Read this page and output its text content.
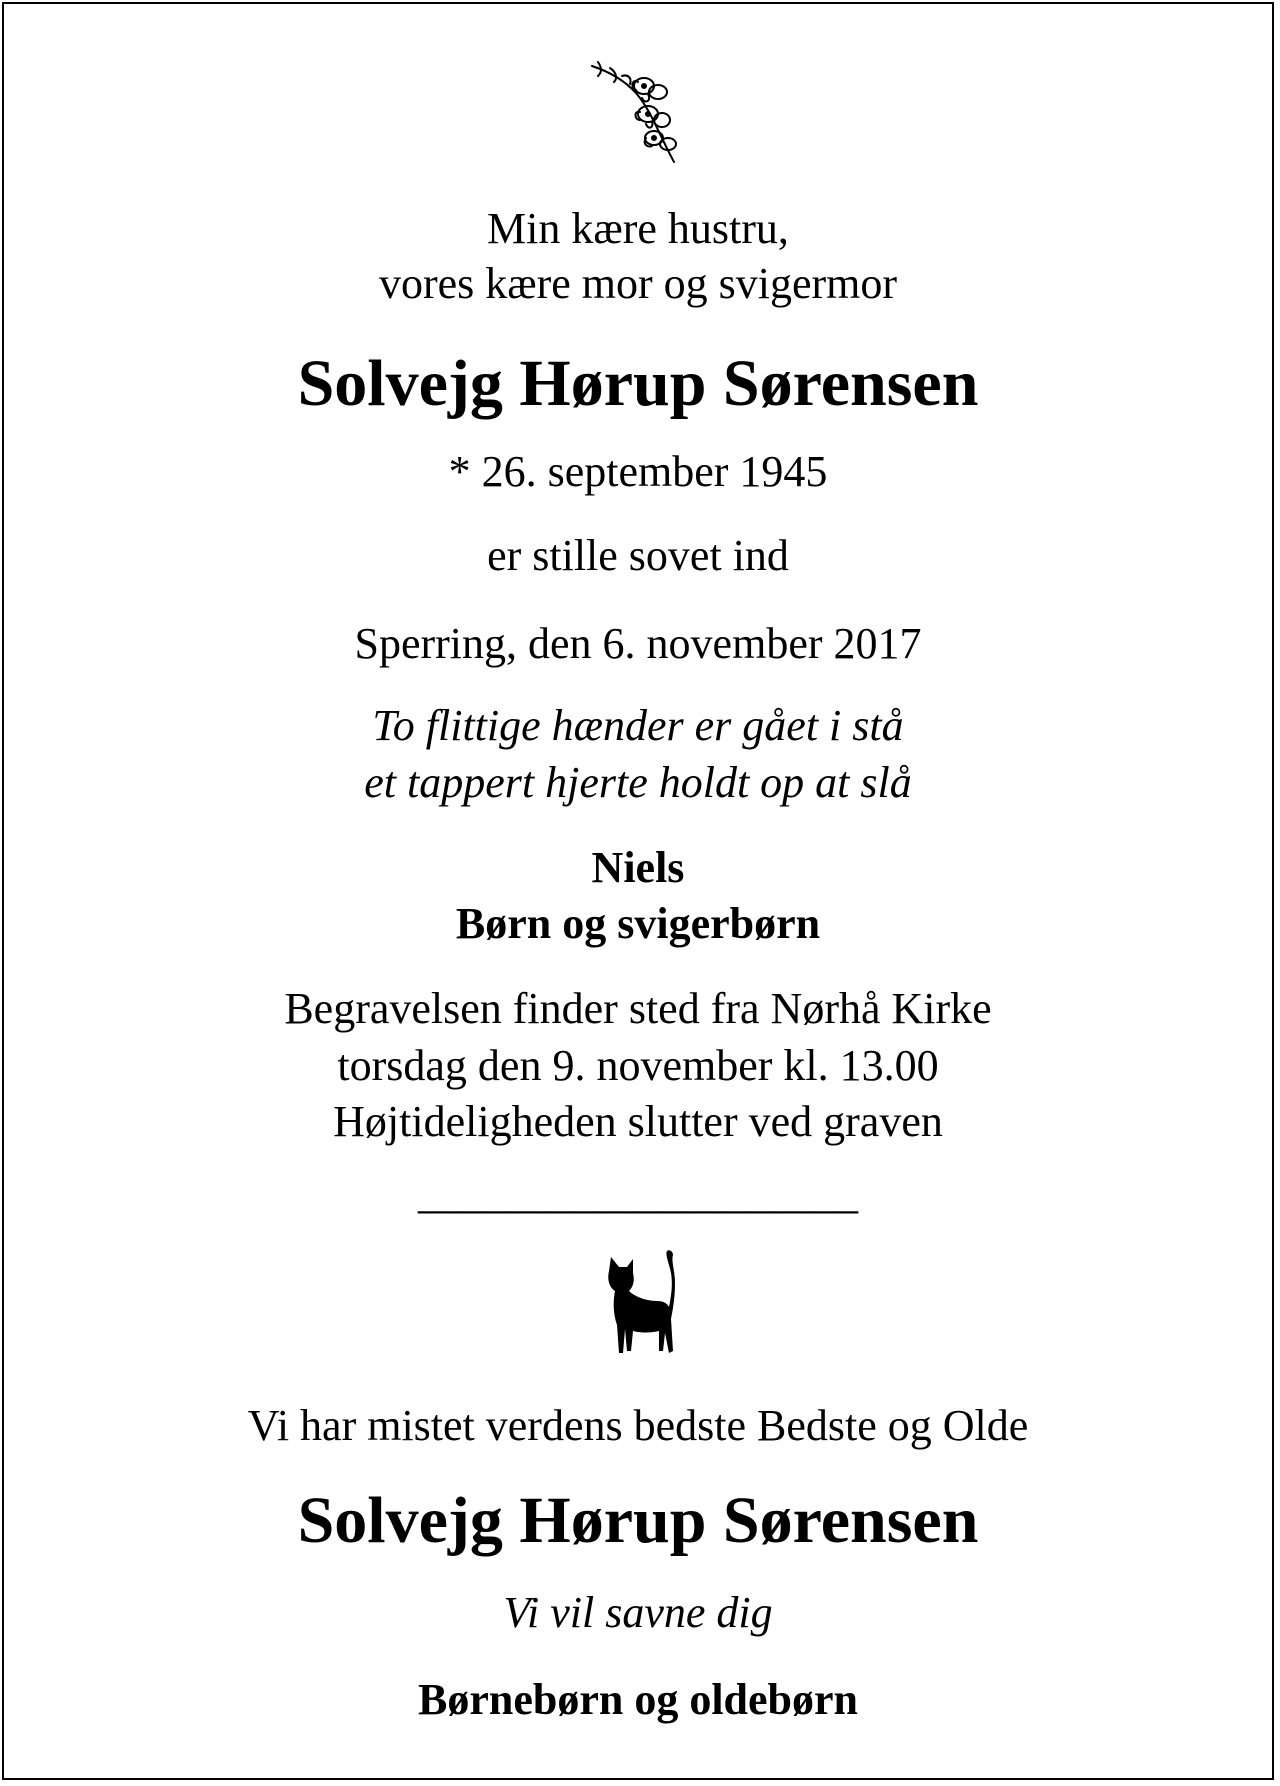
Min kære hustru,
vores kære mor og svigermor
Solvejg Hørup Sørensen
* 26. september 1945
er stille sovet ind
Sperring, den 6. november 2017
To flittige hænder er gået i stå
et tappert hjerte holdt op at slå
Niels
Børn og svigerbørn
Begravelsen finder sted fra Nørhå Kirke
torsdag den 9. november kl. 13.00
Højtideligheden slutter ved graven
____________________
Vi har mistet verdens bedste Bedste og Olde
Solvejg Hørup Sørensen
Vi vil savne dig
Børnebørn og oldebørn
